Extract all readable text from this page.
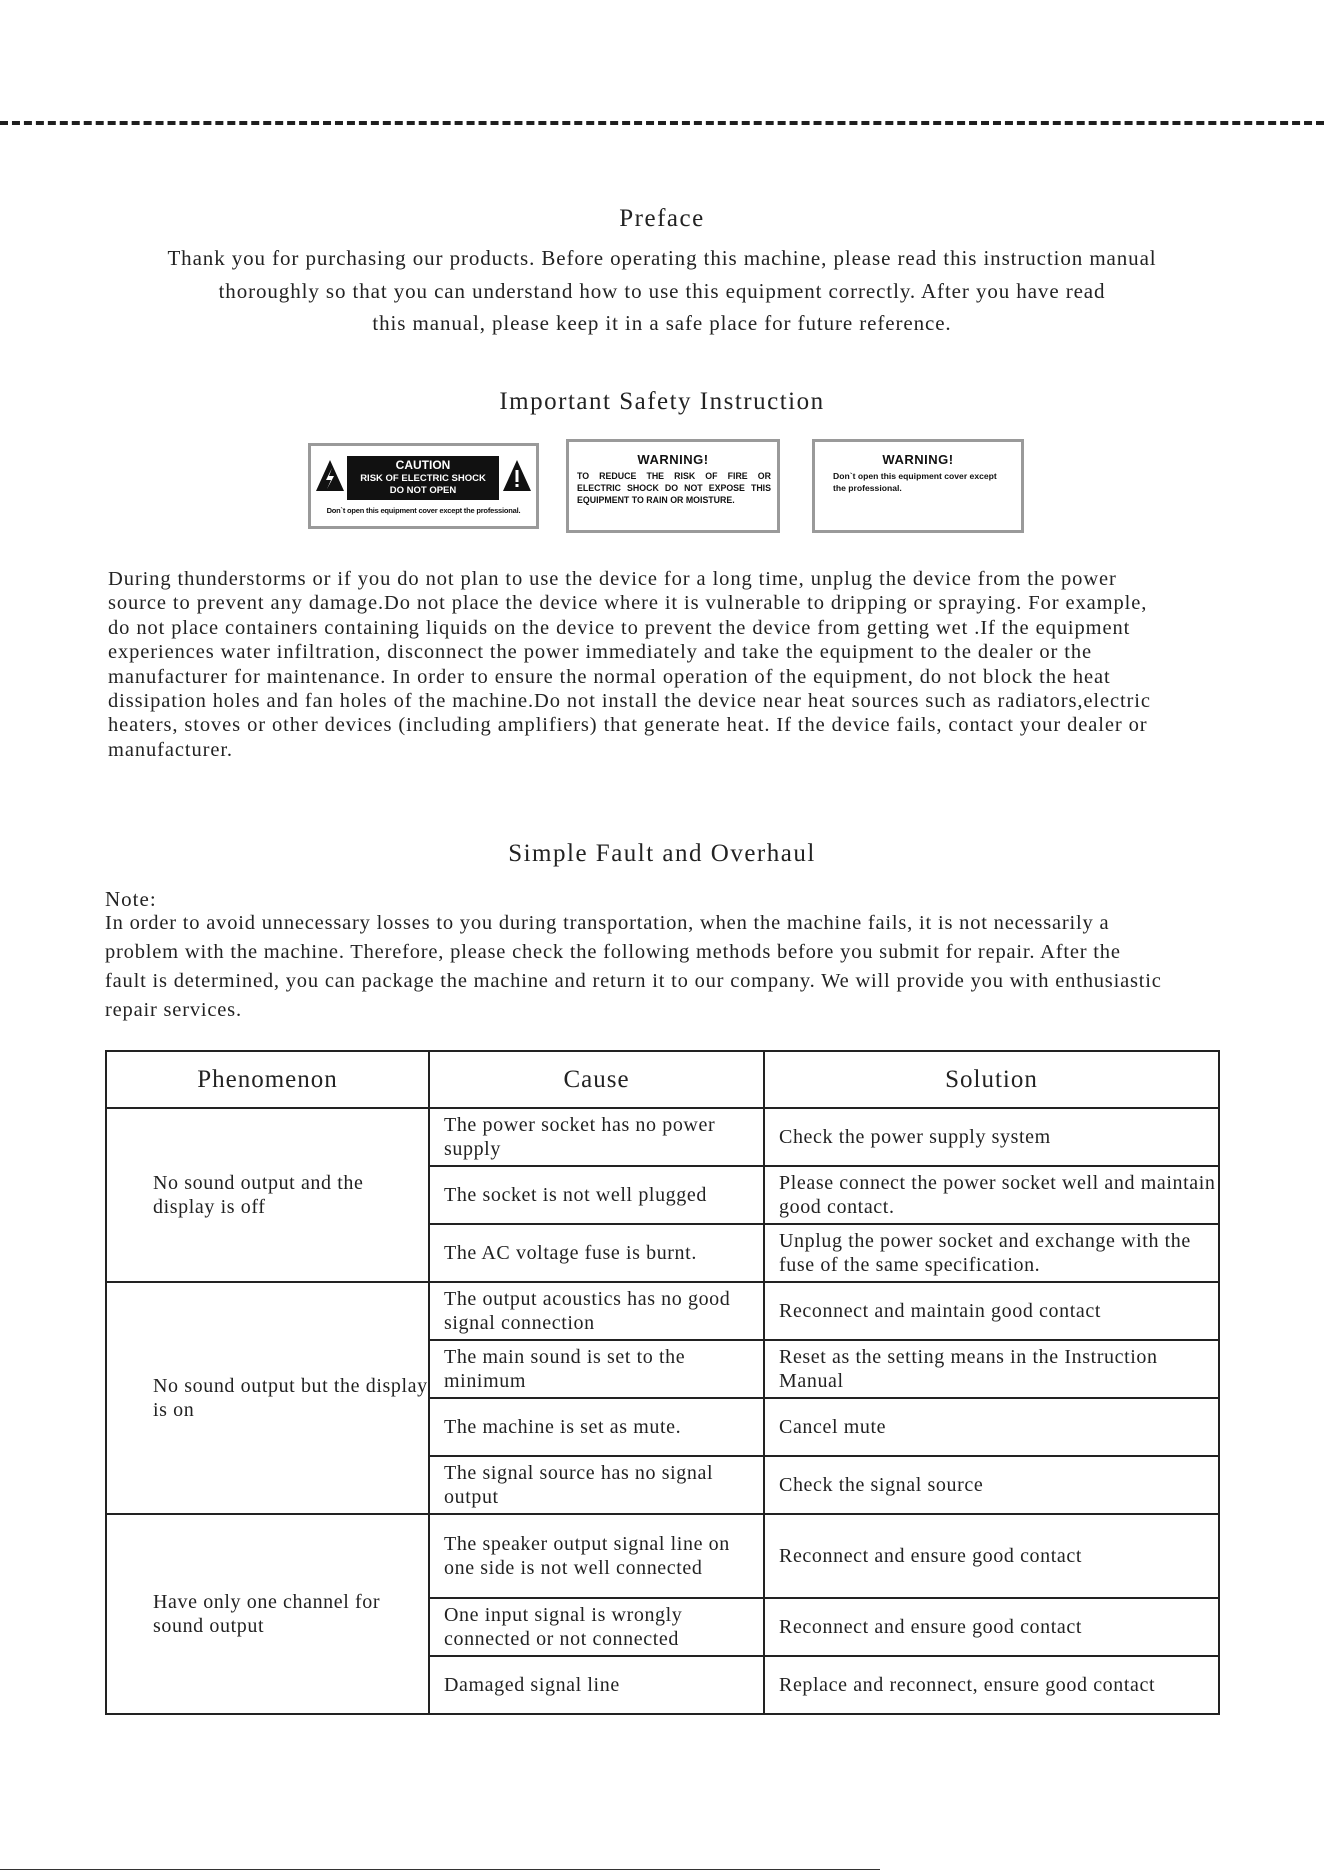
Preface
Thank you for purchasing our products. Before operating this machine, please read this instruction manual
thoroughly so that you can understand how to use this equipment correctly. After you have read
this manual, please keep it in a safe place for future reference.
Important Safety Instruction
CAUTION
RISK OF ELECTRIC SHOCK
DO NOT OPEN
Don`t open this equipment cover except the professional.
WARNING!
TO REDUCE THE RISK OF FIRE OR ELECTRIC SHOCK DO NOT EXPOSE THIS EQUIPMENT TO RAIN OR MOISTURE.
WARNING!
Don`t open this equipment cover except the professional.
During thunderstorms or if you do not plan to use the device for a long time, unplug the device from the power
source to prevent any damage.Do not place the device where it is vulnerable to dripping or spraying. For example,
do not place containers containing liquids on the device to prevent the device from getting wet .If the equipment
experiences water infiltration, disconnect the power immediately and take the equipment to the dealer or the
manufacturer for maintenance. In order to ensure the normal operation of the equipment, do not block the heat
dissipation holes and fan holes of the machine.Do not install the device near heat sources such as radiators,electric
heaters, stoves or other devices (including amplifiers) that generate heat. If the device fails, contact your dealer or
manufacturer.
Simple Fault and Overhaul
Note:
In order to avoid unnecessary losses to you during transportation, when the machine fails, it is not necessarily a
problem with the machine. Therefore, please check the following methods before you submit for repair. After the
fault is determined, you can package the machine and return it to our company. We will provide you with enthusiastic
repair services.
Phenomenon	Cause	Solution
No sound output and the display is off	The power socket has no power supply	Check the power supply system
	The socket is not well plugged	Please connect the power socket well and maintain good contact.
	The AC voltage fuse is burnt.	Unplug the power socket and exchange with the fuse of the same specification.
No sound output but the display is on	The output acoustics has no good signal connection	Reconnect and maintain good contact
	The main sound is set to the minimum	Reset as the setting means in the Instruction Manual
	The machine is set as mute.	Cancel mute
	The signal source has no signal output	Check the signal source
Have only one channel for sound output	The speaker output signal line on one side is not well connected	Reconnect and ensure good contact
	One input signal is wrongly connected or not connected	Reconnect and ensure good contact
	Damaged signal line	Replace and reconnect, ensure good contact
